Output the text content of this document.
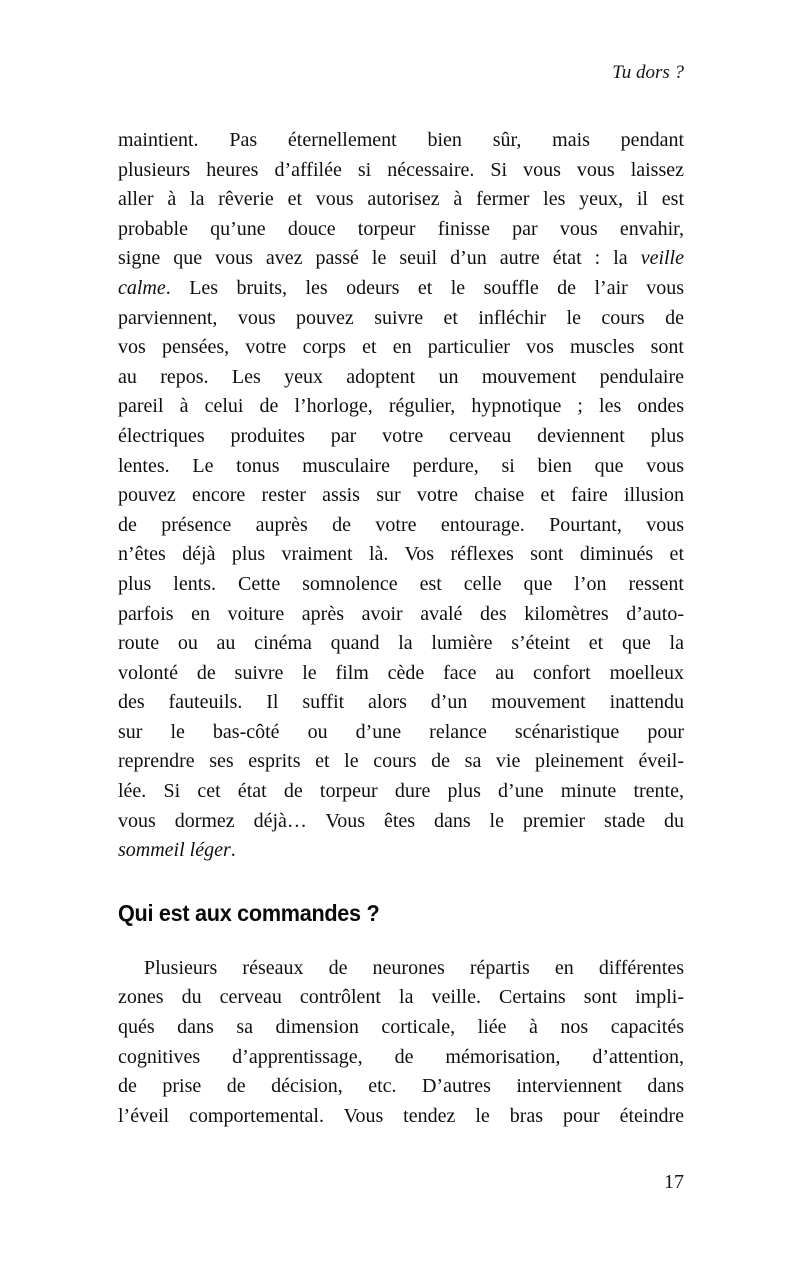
Tu dors ?
maintient. Pas éternellement bien sûr, mais pendant
plusieurs heures d’affilée si nécessaire. Si vous vous laissez
aller à la rêverie et vous autorisez à fermer les yeux, il est
probable qu’une douce torpeur finisse par vous envahir,
signe que vous avez passé le seuil d’un autre état : la veille
calme. Les bruits, les odeurs et le souffle de l’air vous
parviennent, vous pouvez suivre et infléchir le cours de
vos pensées, votre corps et en particulier vos muscles sont
au repos. Les yeux adoptent un mouvement pendulaire
pareil à celui de l’horloge, régulier, hypnotique ; les ondes
électriques produites par votre cerveau deviennent plus
lentes. Le tonus musculaire perdure, si bien que vous
pouvez encore rester assis sur votre chaise et faire illusion
de présence auprès de votre entourage. Pourtant, vous
n’êtes déjà plus vraiment là. Vos réflexes sont diminués et
plus lents. Cette somnolence est celle que l’on ressent
parfois en voiture après avoir avalé des kilomètres d’auto-
route ou au cinéma quand la lumière s’éteint et que la
volonté de suivre le film cède face au confort moelleux
des fauteuils. Il suffit alors d’un mouvement inattendu
sur le bas-côté ou d’une relance scénaristique pour
reprendre ses esprits et le cours de sa vie pleinement éveil-
lée. Si cet état de torpeur dure plus d’une minute trente,
vous dormez déjà… Vous êtes dans le premier stade du
sommeil léger.
Qui est aux commandes ?
Plusieurs réseaux de neurones répartis en différentes
zones du cerveau contrôlent la veille. Certains sont impli-
qués dans sa dimension corticale, liée à nos capacités
cognitives d’apprentissage, de mémorisation, d’attention,
de prise de décision, etc. D’autres interviennent dans
l’éveil comportemental. Vous tendez le bras pour éteindre
17
